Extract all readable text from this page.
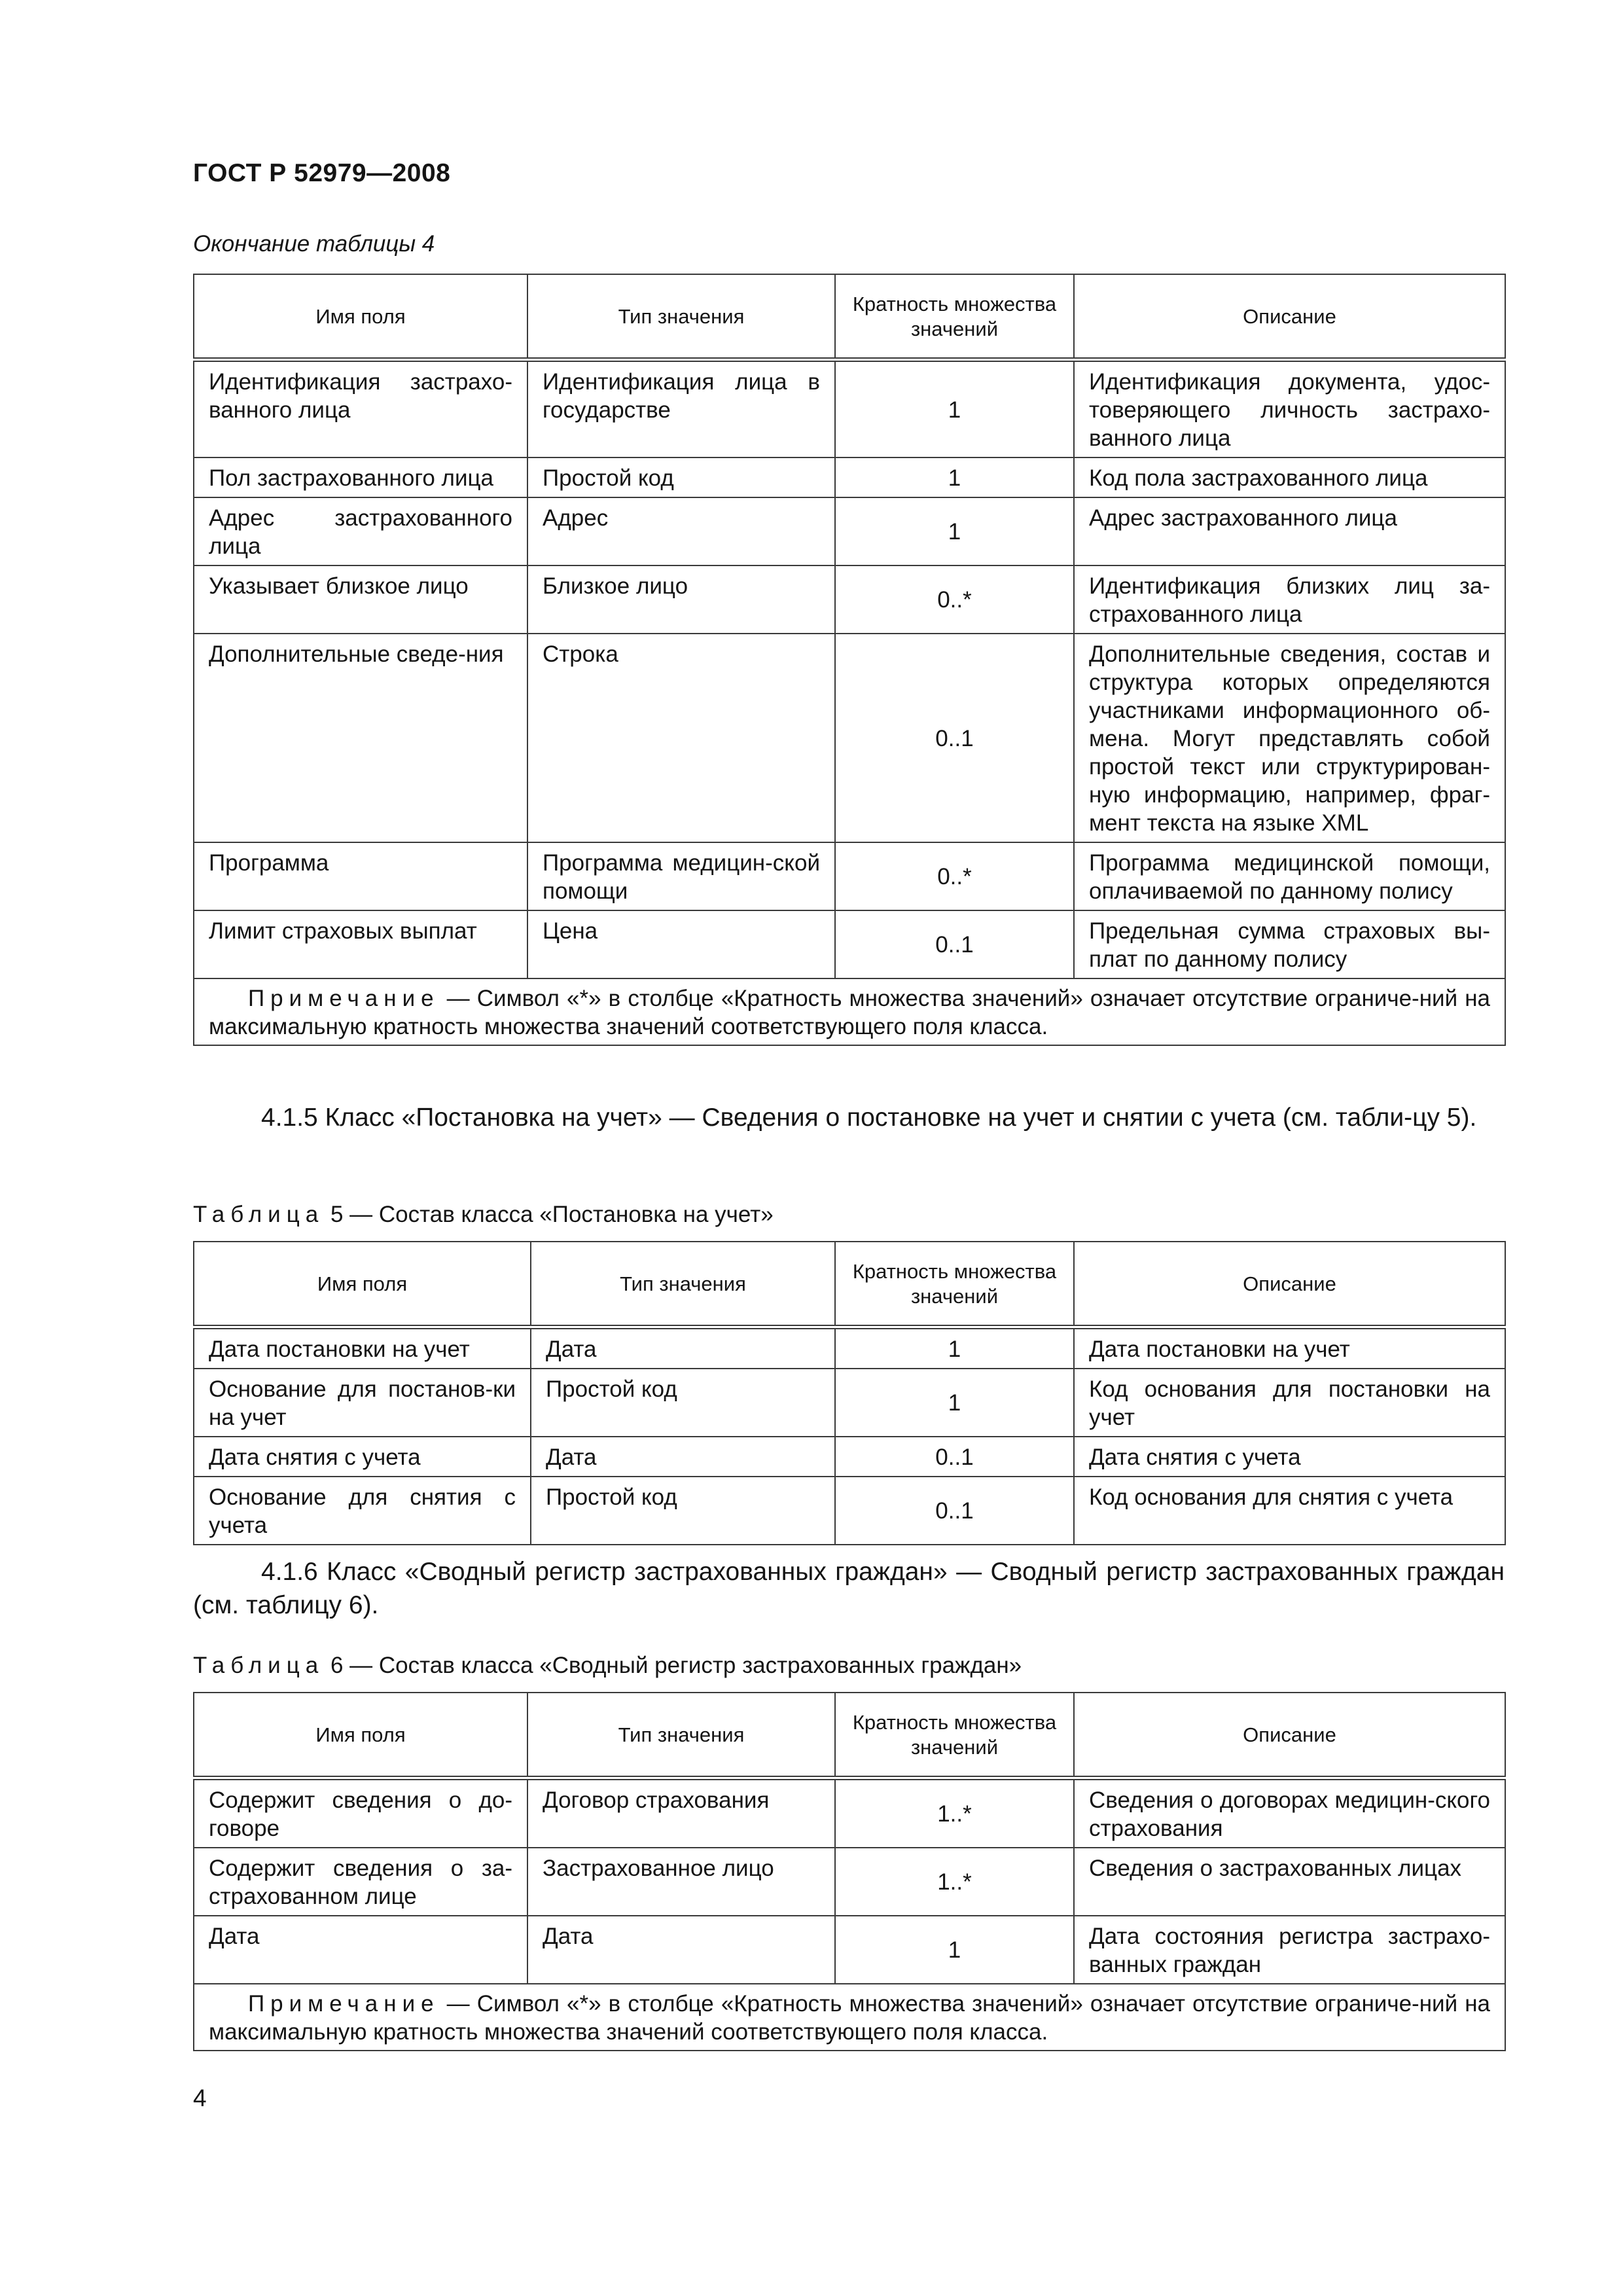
ГОСТ Р 52979—2008
Окончание таблицы 4
Имя поля	Тип значения	Кратность множества значений	Описание
Идентификация застрахо-ванного лица	Идентификация лица в государстве	1	Идентификация документа, удос-товеряющего личность застрахо-ванного лица
Пол застрахованного лица	Простой код	1	Код пола застрахованного лица
Адрес застрахованного лица	Адрес	1	Адрес застрахованного лица
Указывает близкое лицо	Близкое лицо	0..*	Идентификация близких лиц за-страхованного лица
Дополнительные сведе-ния	Строка	0..1	Дополнительные сведения, состав и структура которых определяются участниками информационного об-мена. Могут представлять собой простой текст или структурирован-ную информацию, например, фраг-мент текста на языке XML
Программа	Программа медицин-ской помощи	0..*	Программа медицинской помощи, оплачиваемой по данному полису
Лимит страховых выплат	Цена	0..1	Предельная сумма страховых вы-плат по данному полису
Примечание — Символ «*» в столбце «Кратность множества значений» означает отсутствие ограниче-ний на максимальную кратность множества значений соответствующего поля класса.			
4.1.5 Класс «Постановка на учет» — Сведения о постановке на учет и снятии с учета (см. табли-цу 5).
Таблица 5 — Состав класса «Постановка на учет»
Имя поля	Тип значения	Кратность множества значений	Описание
Дата постановки на учет	Дата	1	Дата постановки на учет
Основание для постанов-ки на учет	Простой код	1	Код основания для постановки на учет
Дата снятия с учета	Дата	0..1	Дата снятия с учета
Основание для снятия с учета	Простой код	0..1	Код основания для снятия с учета
4.1.6 Класс «Сводный регистр застрахованных граждан» — Сводный регистр застрахованных граждан (см. таблицу 6).
Таблица 6 — Состав класса «Сводный регистр застрахованных граждан»
Имя поля	Тип значения	Кратность множества значений	Описание
Содержит сведения о до-говоре	Договор страхования	1..*	Сведения о договорах медицин-ского страхования
Содержит сведения о за-страхованном лице	Застрахованное лицо	1..*	Сведения о застрахованных лицах
Дата	Дата	1	Дата состояния регистра застрахо-ванных граждан
Примечание — Символ «*» в столбце «Кратность множества значений» означает отсутствие ограниче-ний на максимальную кратность множества значений соответствующего поля класса.			
4
